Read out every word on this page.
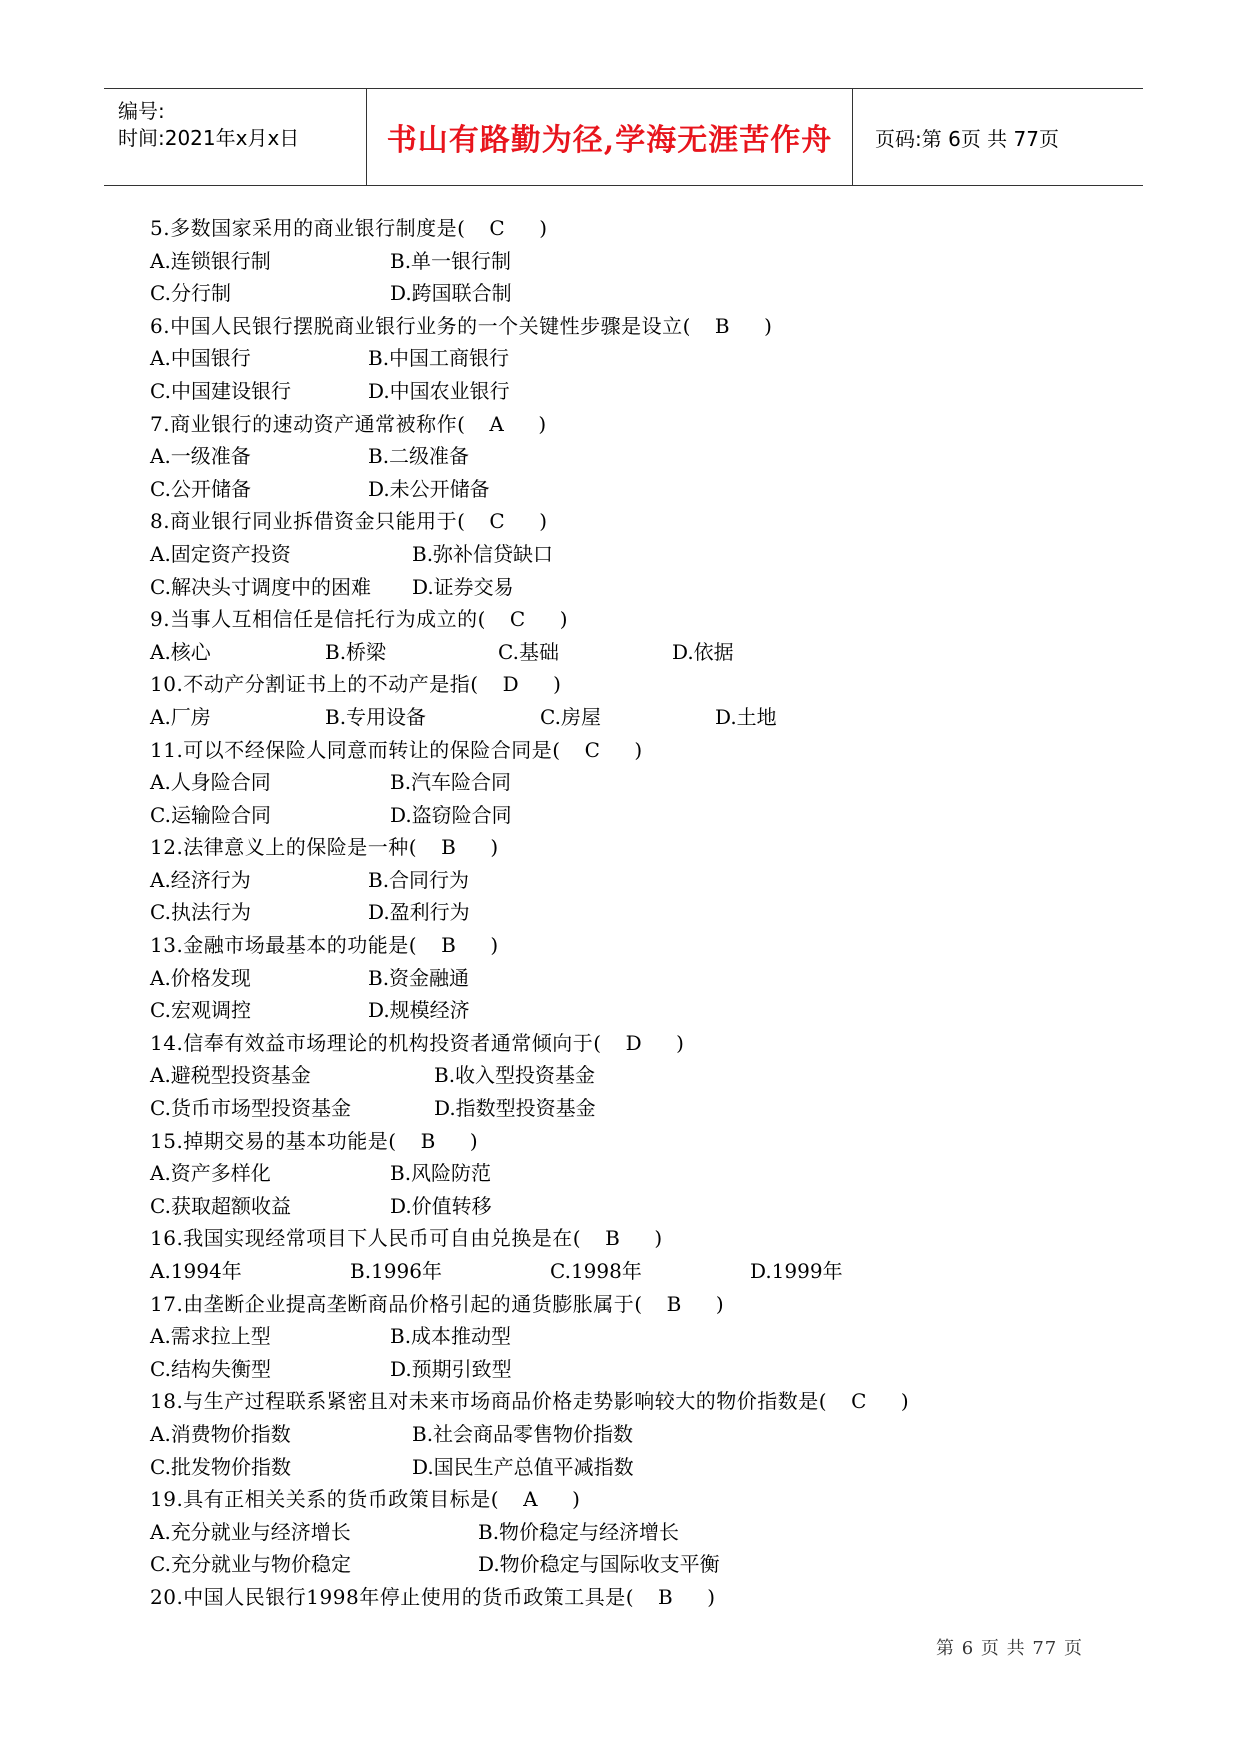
编号:
时间:2021年x月x日	书山有路勤为径,学海无涯苦作舟 页码:第 6页 共 77页
5.多数国家采用的商业银行制度是( C )
A.连锁银行制	B.单一银行制
C.分行制	D.跨国联合制
6.中国人民银行摆脱商业银行业务的一个关键性步骤是设立( B )
A.中国银行	B.中国工商银行
C.中国建设银行	D.中国农业银行
7.商业银行的速动资产通常被称作( A )
A.一级准备	B.二级准备
C.公开储备	D.未公开储备
8.商业银行同业拆借资金只能用于( C )
A.固定资产投资	B.弥补信贷缺口
C.解决头寸调度中的困难 D.证券交易
9.当事人互相信任是信托行为成立的( C )
A.核心	B.桥梁	C.基础	D.依据
10.不动产分割证书上的不动产是指( D )
A.厂房	B.专用设备	C.房屋	D.土地
11.可以不经保险人同意而转让的保险合同是( C )
A.人身险合同	B.汽车险合同
C.运输险合同	D.盗窃险合同
12.法律意义上的保险是一种( B )
A.经济行为	B.合同行为
C.执法行为	D.盈利行为
13.金融市场最基本的功能是( B )
A.价格发现	B.资金融通
C.宏观调控	D.规模经济
14.信奉有效益市场理论的机构投资者通常倾向于( D )
A.避税型投资基金	B.收入型投资基金
C.货币市场型投资基金	D.指数型投资基金
15.掉期交易的基本功能是( B )
A.资产多样化	B.风险防范
C.获取超额收益	D.价值转移
16.我国实现经常项目下人民币可自由兑换是在( B )
A.1994年	B.1996年	C.1998年	D.1999年
17.由垄断企业提高垄断商品价格引起的通货膨胀属于( B )
A.需求拉上型	B.成本推动型
C.结构失衡型	D.预期引致型
18.与生产过程联系紧密且对未来市场商品价格走势影响较大的物价指数是( C )
A.消费物价指数	B.社会商品零售物价指数
C.批发物价指数	D.国民生产总值平减指数
19.具有正相关关系的货币政策目标是( A )
A.充分就业与经济增长	B.物价稳定与经济增长
C.充分就业与物价稳定	D.物价稳定与国际收支平衡
20.中国人民银行1998年停止使用的货币政策工具是( B )
第 6 页 共 77 页
